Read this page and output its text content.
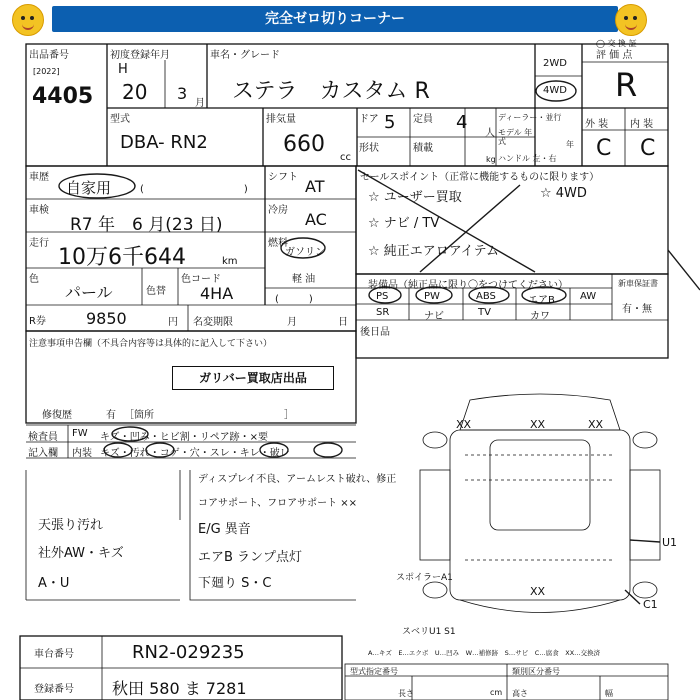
完全ゼロ切りコーナー
◯ 交 換 証
出品番号
[2022]
4405
初度登録年月
H
20 3
月
車名・グレード
ステラ　カスタム R
2WD
4WD
評 価 点
R
型式
DBA- RN2
排気量
660
cc
ドア 5 定員 4
人
形状	積載
kg
ディーラー・並行
モデル 年式	年
ハンドル 左・右
外 装 内 装
C C
車歴
自家用	(　　　　　　　　　　)
シフト AT
車検
R7 年　6 月(23 日)
冷房 AC
走行
10万6千644	km
燃料
ガソリン
軽 油
(　　　)
色
パール	色替
色コード
4HA
R券	9850	円 名変期限	月	日
注意事項申告欄（不具合内容等は具体的に記入して下さい）
ガリバー買取店出品
修復歴	有 ［箇所　　　　　　　　　　　　　］
セールスポイント（正常に機能するものに限ります）
☆ ユーザー買取	☆ 4WD
☆ ナビ / TV
☆ 純正エアロアイテム
装備品（純正品に限り〇をつけてください）
PS	PW	ABS	エアB	AW
SR	ナビ	TV	カワ
新車保証書
有・無
後日品
検査員
記入欄
FW キズ・凹み・ヒビ割・リペア跡・×要
内装 キズ・汚れ・コゲ・穴・スレ・キレ・破レ
天張り汚れ
社外AW・キズ
A・U
ディスプレイ不良、アームレスト破れ、修正
コアサポート、フロアサポート ××
E/G 異音
エアB ランプ点灯
下廻り S・C
XX	XX	XX
XX
U1
C1
スポイラーA1
スベリU1 S1
A…キズ　E…エクボ　U…凹み　W…補修跡　S…サビ　C…腐食　XX…交換済
車台番号	RN2-029235
登録番号 秋田 580 ま 7281
型式指定番号	類別区分番号
長さ	cm 高さ	幅
